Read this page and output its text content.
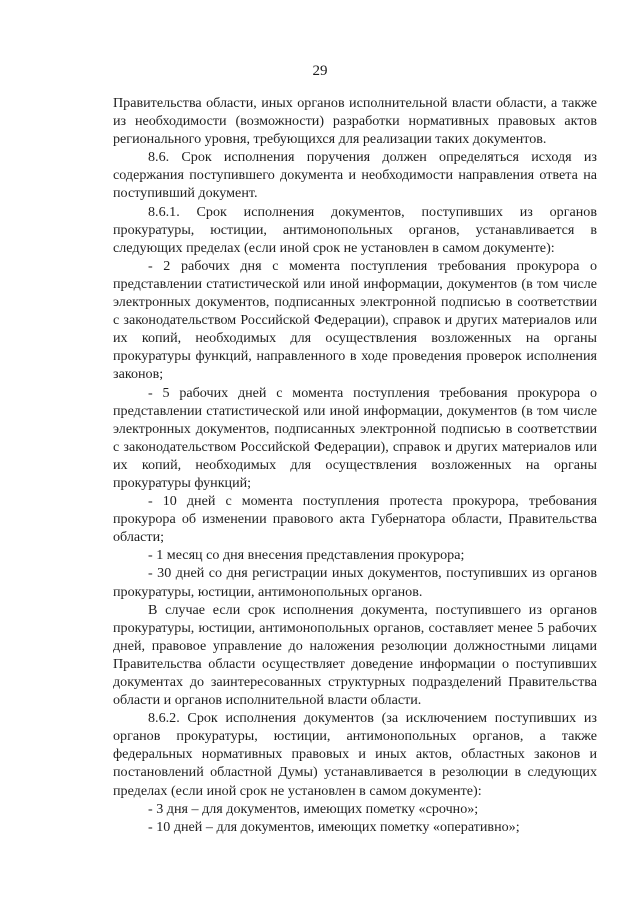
29

Правительства области, иных органов исполнительной власти области, а также из необходимости (возможности) разработки нормативных правовых актов регионального уровня, требующихся для реализации таких документов.

8.6. Срок исполнения поручения должен определяться исходя из содержания поступившего документа и необходимости направления ответа на поступивший документ.

8.6.1. Срок исполнения документов, поступивших из органов прокуратуры, юстиции, антимонопольных органов, устанавливается в следующих пределах (если иной срок не установлен в самом документе):

- 2 рабочих дня с момента поступления требования прокурора о представлении статистической или иной информации, документов (в том числе электронных документов, подписанных электронной подписью в соответствии с законодательством Российской Федерации), справок и других материалов или их копий, необходимых для осуществления возложенных на органы прокуратуры функций, направленного в ходе проведения проверок исполнения законов;

- 5 рабочих дней с момента поступления требования прокурора о представлении статистической или иной информации, документов (в том числе электронных документов, подписанных электронной подписью в соответствии с законодательством Российской Федерации), справок и других материалов или их копий, необходимых для осуществления возложенных на органы прокуратуры функций;

- 10 дней с момента поступления протеста прокурора, требования прокурора об изменении правового акта Губернатора области, Правительства области;

- 1 месяц со дня внесения представления прокурора;

- 30 дней со дня регистрации иных документов, поступивших из органов прокуратуры, юстиции, антимонопольных органов.

В случае если срок исполнения документа, поступившего из органов прокуратуры, юстиции, антимонопольных органов, составляет менее 5 рабочих дней, правовое управление до наложения резолюции должностными лицами Правительства области осуществляет доведение информации о поступивших документах до заинтересованных структурных подразделений Правительства области и органов исполнительной власти области.

8.6.2. Срок исполнения документов (за исключением поступивших из органов прокуратуры, юстиции, антимонопольных органов, а также федеральных нормативных правовых и иных актов, областных законов и постановлений областной Думы) устанавливается в резолюции в следующих пределах (если иной срок не установлен в самом документе):

- 3 дня – для документов, имеющих пометку «срочно»;

- 10 дней – для документов, имеющих пометку «оперативно»;
